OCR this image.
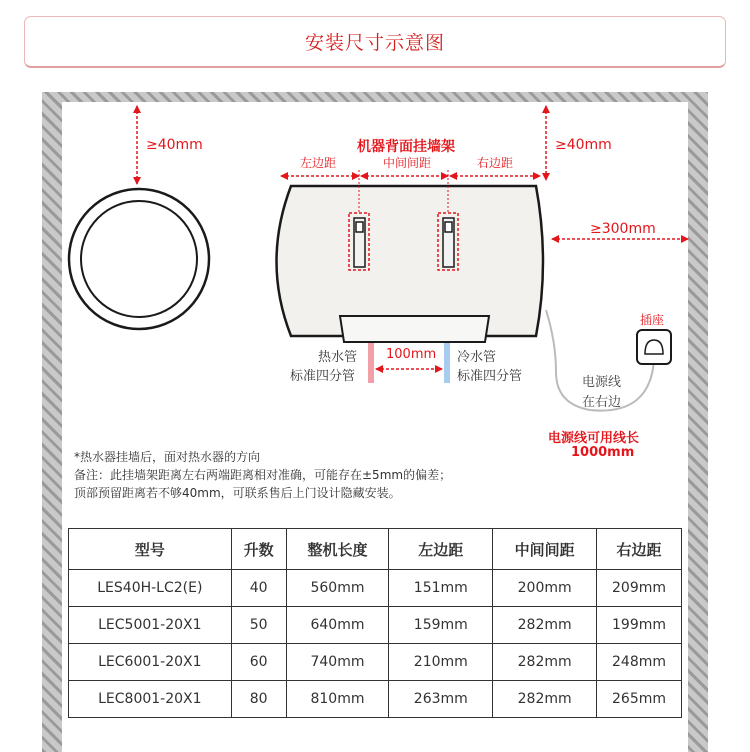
安装尺寸示意图
≥40mm	机器背面挂墙架	≥40mm
左边距	中间间距	右边距
≥300mm
插座
热水管
标准四分管
100mm 冷水管
标准四分管	电源线
在右边
电源线可用线长
1000mm
*热水器挂墙后，面对热水器的方向
备注：此挂墙架距离左右两端距离相对准确，可能存在±5mm的偏差；
顶部预留距离若不够40mm，可联系售后上门设计隐藏安装。
型号	升数	整机长度	左边距	中间间距	右边距
LES40H-LC2(E)	40	560mm	151mm	200mm	209mm
LEC5001-20X1	50	640mm	159mm	282mm	199mm
LEC6001-20X1	60	740mm	210mm	282mm	248mm
LEC8001-20X1	80	810mm	263mm	282mm	265mm
